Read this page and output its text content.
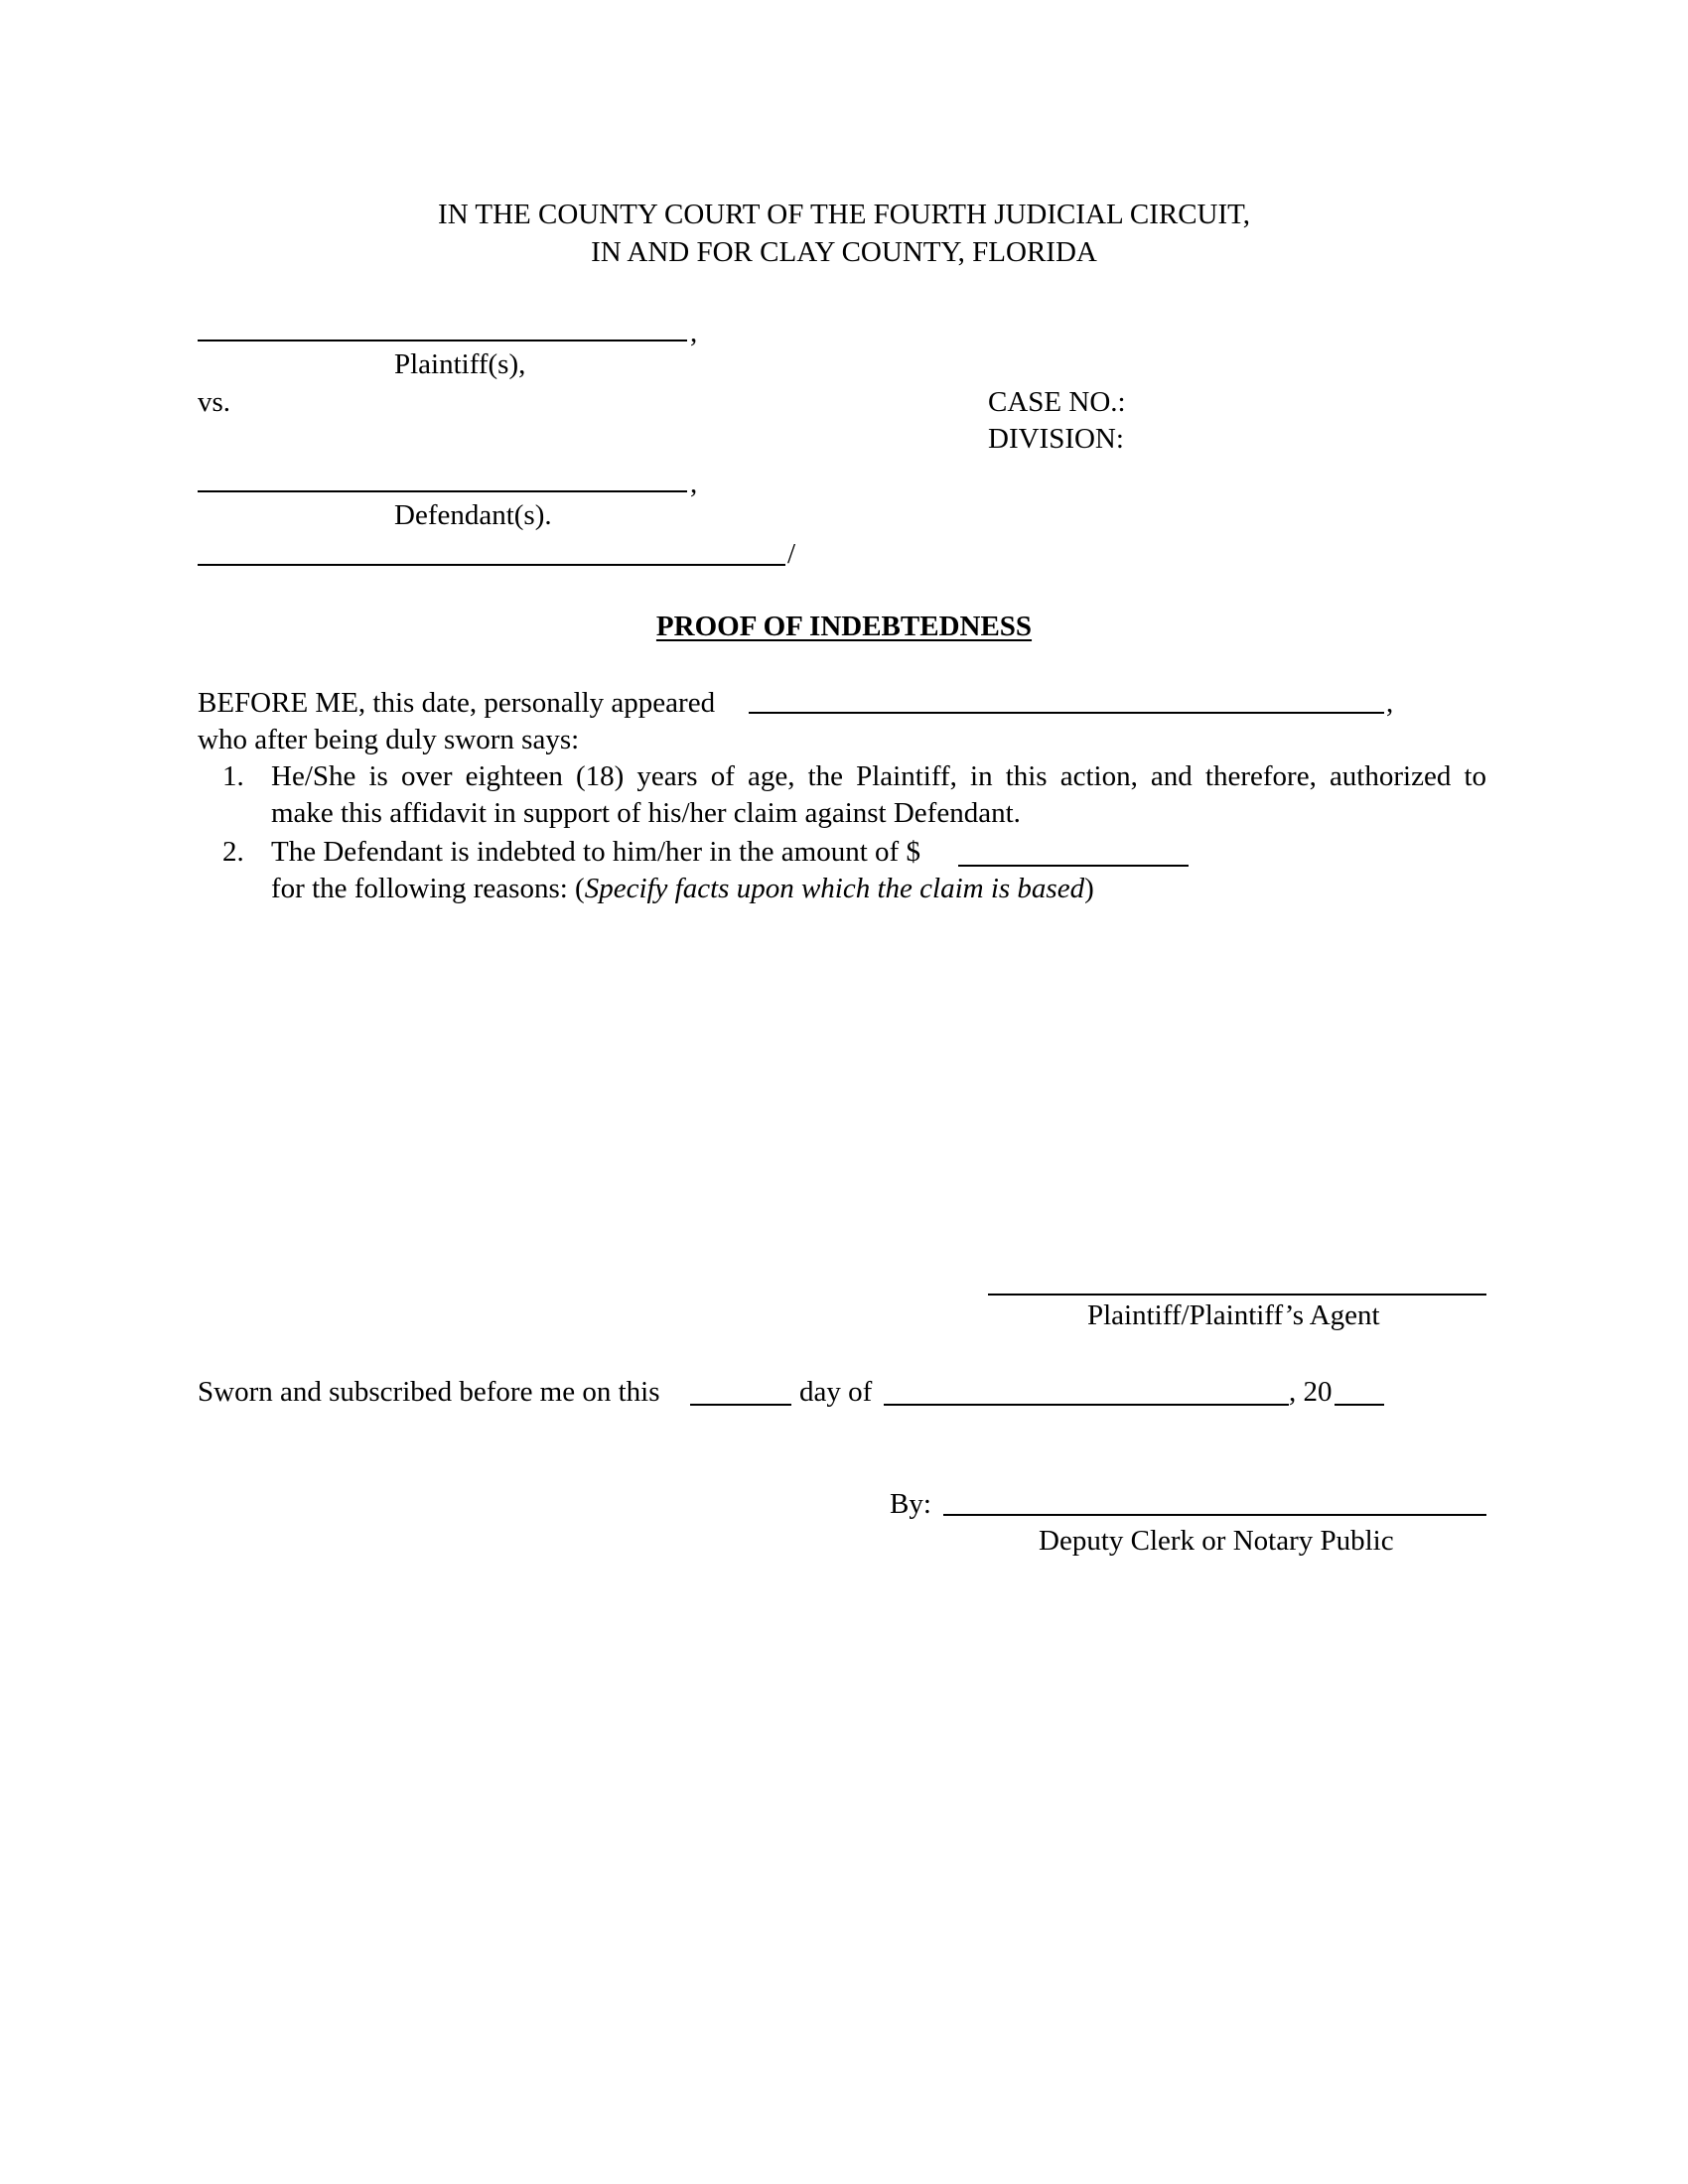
IN THE COUNTY COURT OF THE FOURTH JUDICIAL CIRCUIT,
IN AND FOR CLAY COUNTY, FLORIDA
,
Plaintiff(s),
vs.	CASE NO.:
DIVISION:
,
Defendant(s).
/
PROOF OF INDEBTEDNESS
BEFORE ME, this date, personally appeared	,
who after being duly sworn says:
1. He/She is over eighteen (18) years of age, the Plaintiff, in this action, and therefore, authorized to
make this affidavit in support of his/her claim against Defendant.
2. The Defendant is indebted to him/her in the amount of $
for the following reasons: (Specify facts upon which the claim is based)
Plaintiff/Plaintiff’s Agent
Sworn and subscribed before me on this	day of	, 20
By:
Deputy Clerk or Notary Public
